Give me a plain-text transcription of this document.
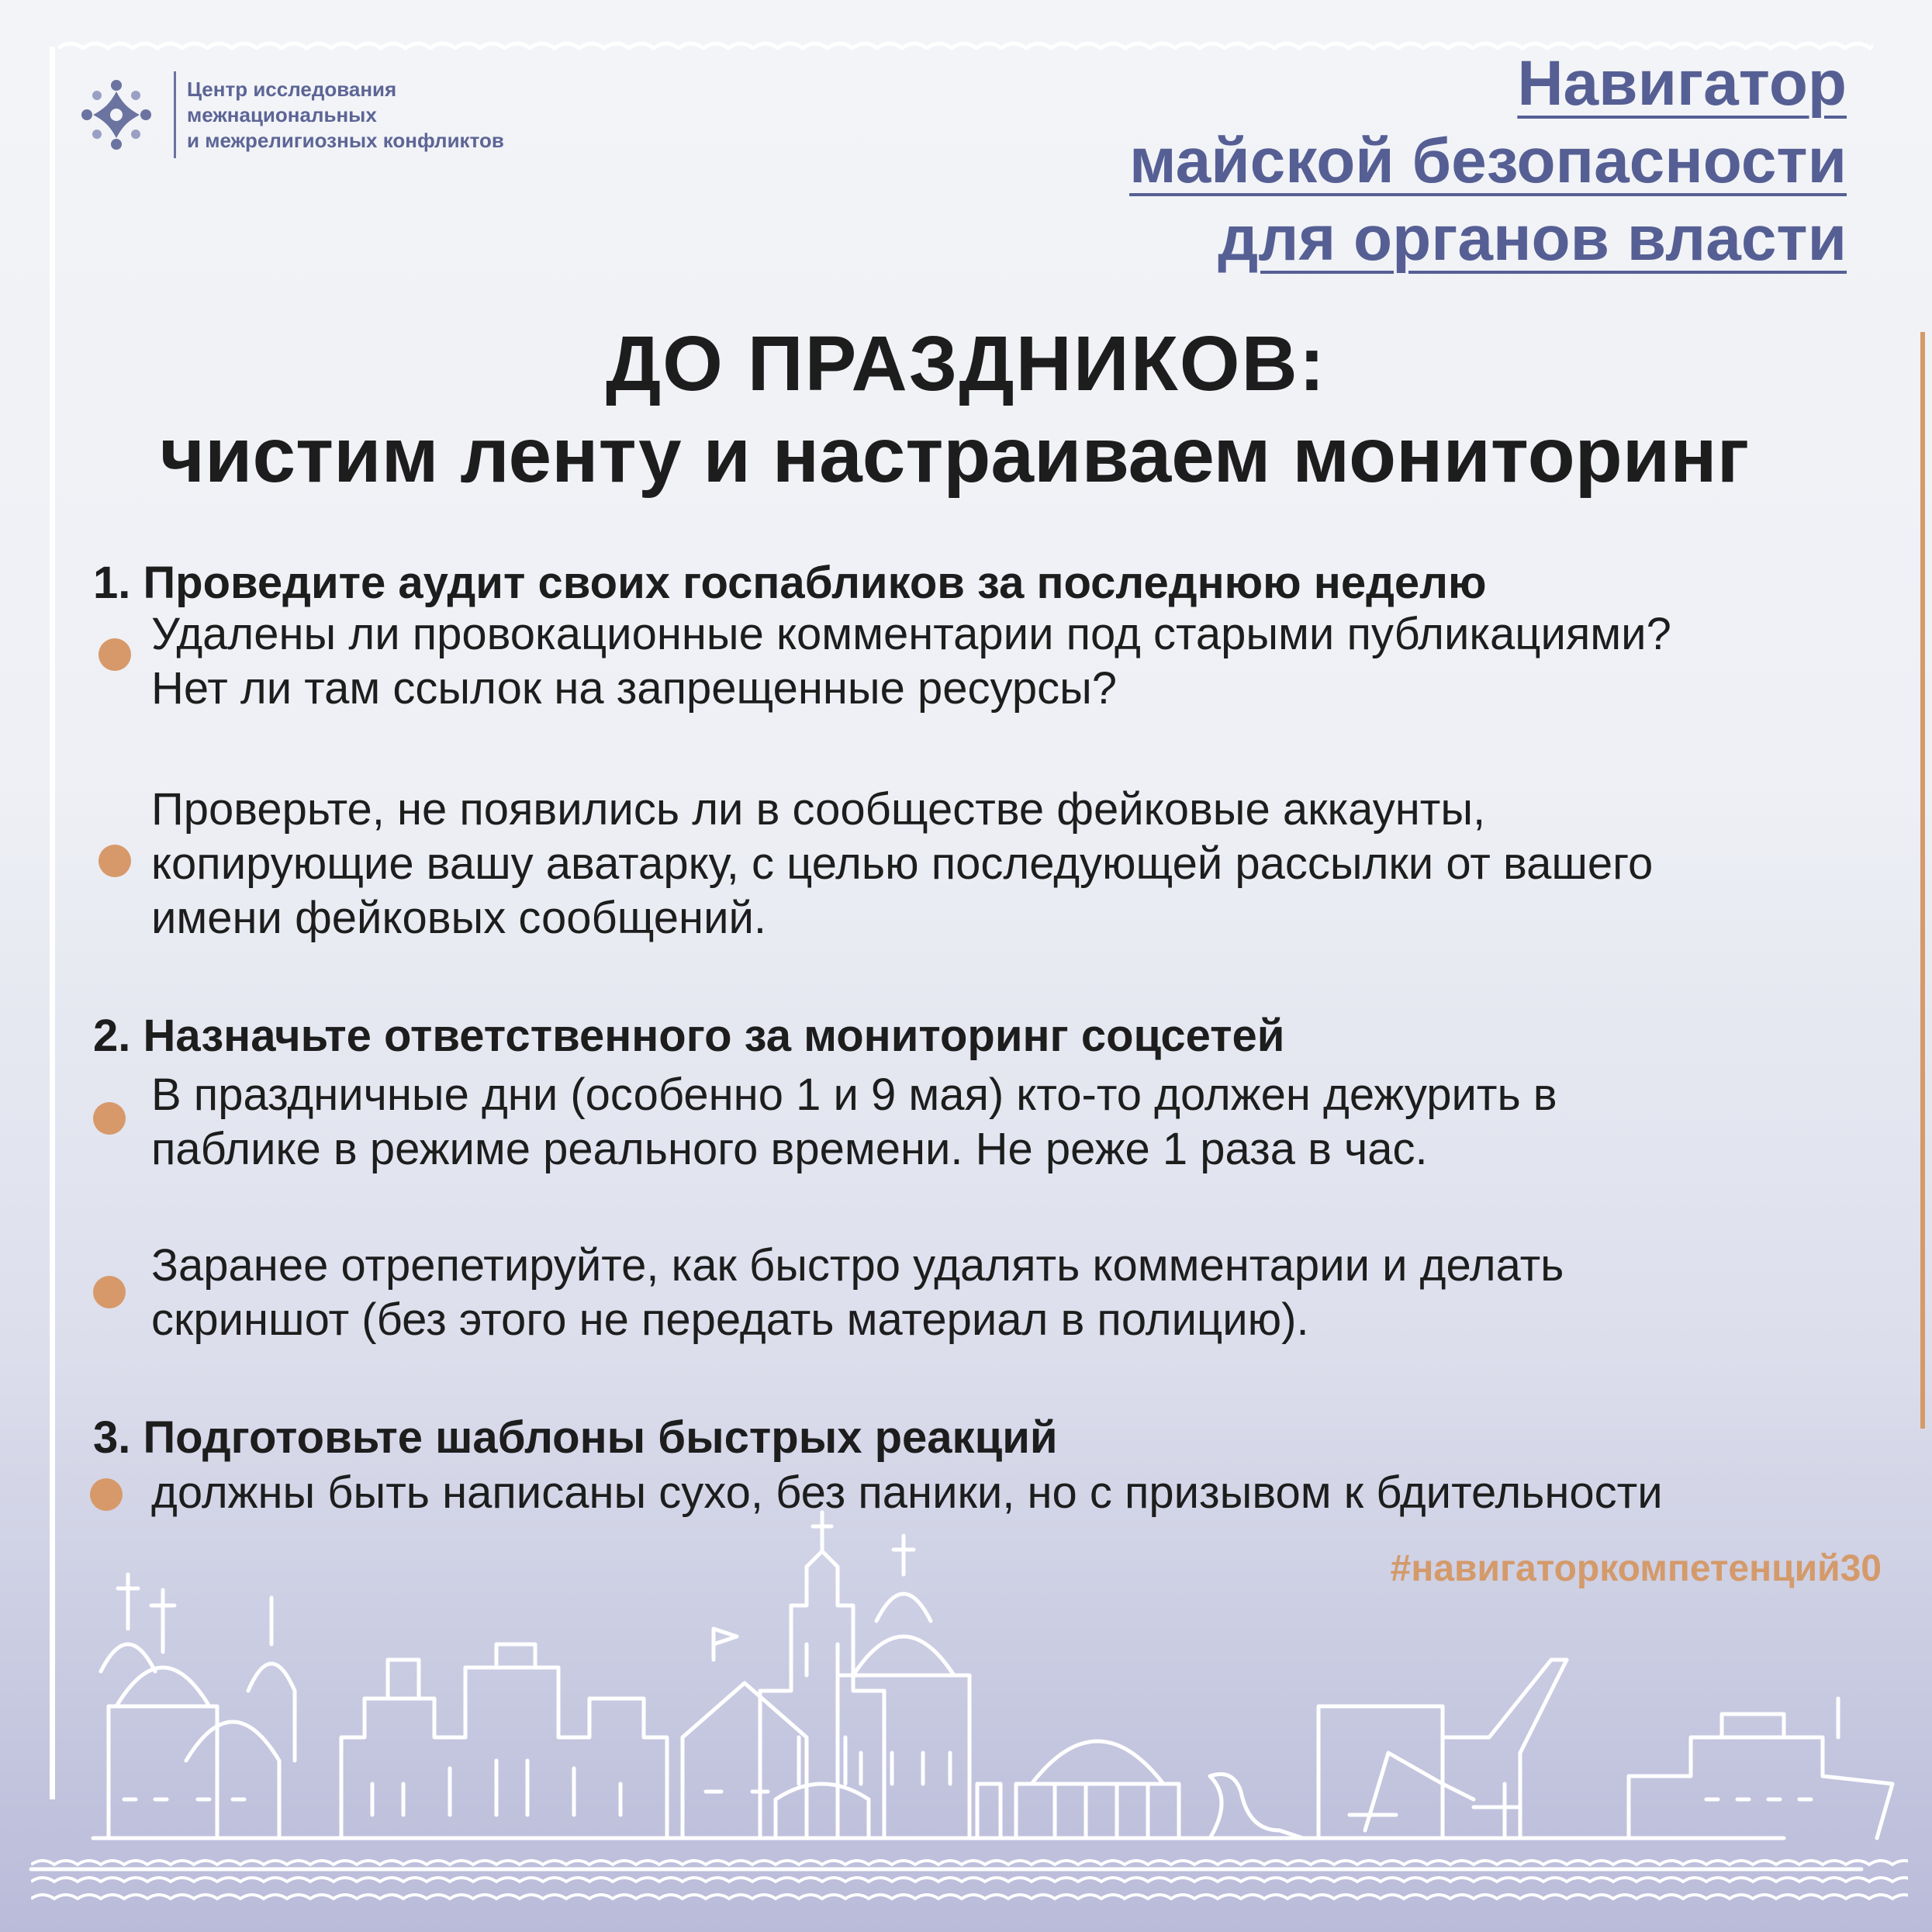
Центр исследования
межнациональных
и межрелигиозных конфликтов
Навигатор
майской безопасности
для органов власти
ДО ПРАЗДНИКОВ:
чистим ленту и настраиваем мониторинг
1. Проведите аудит своих госпабликов за последнюю неделю
Удалены ли провокационные комментарии под старыми публикациями?
Нет ли там ссылок на запрещенные ресурсы?
Проверьте, не появились ли в сообществе фейковые аккаунты,
копирующие вашу аватарку, с целью последующей рассылки от вашего
имени фейковых сообщений.
2. Назначьте ответственного за мониторинг соцсетей
В праздничные дни (особенно 1 и 9 мая) кто-то должен дежурить в
паблике в режиме реального времени. Не реже 1 раза в час.
Заранее отрепетируйте, как быстро удалять комментарии и делать
скриншот (без этого не передать материал в полицию).
3. Подготовьте шаблоны быстрых реакций
должны быть написаны сухо, без паники, но с призывом к бдительности
#навигаторкомпетенций30
